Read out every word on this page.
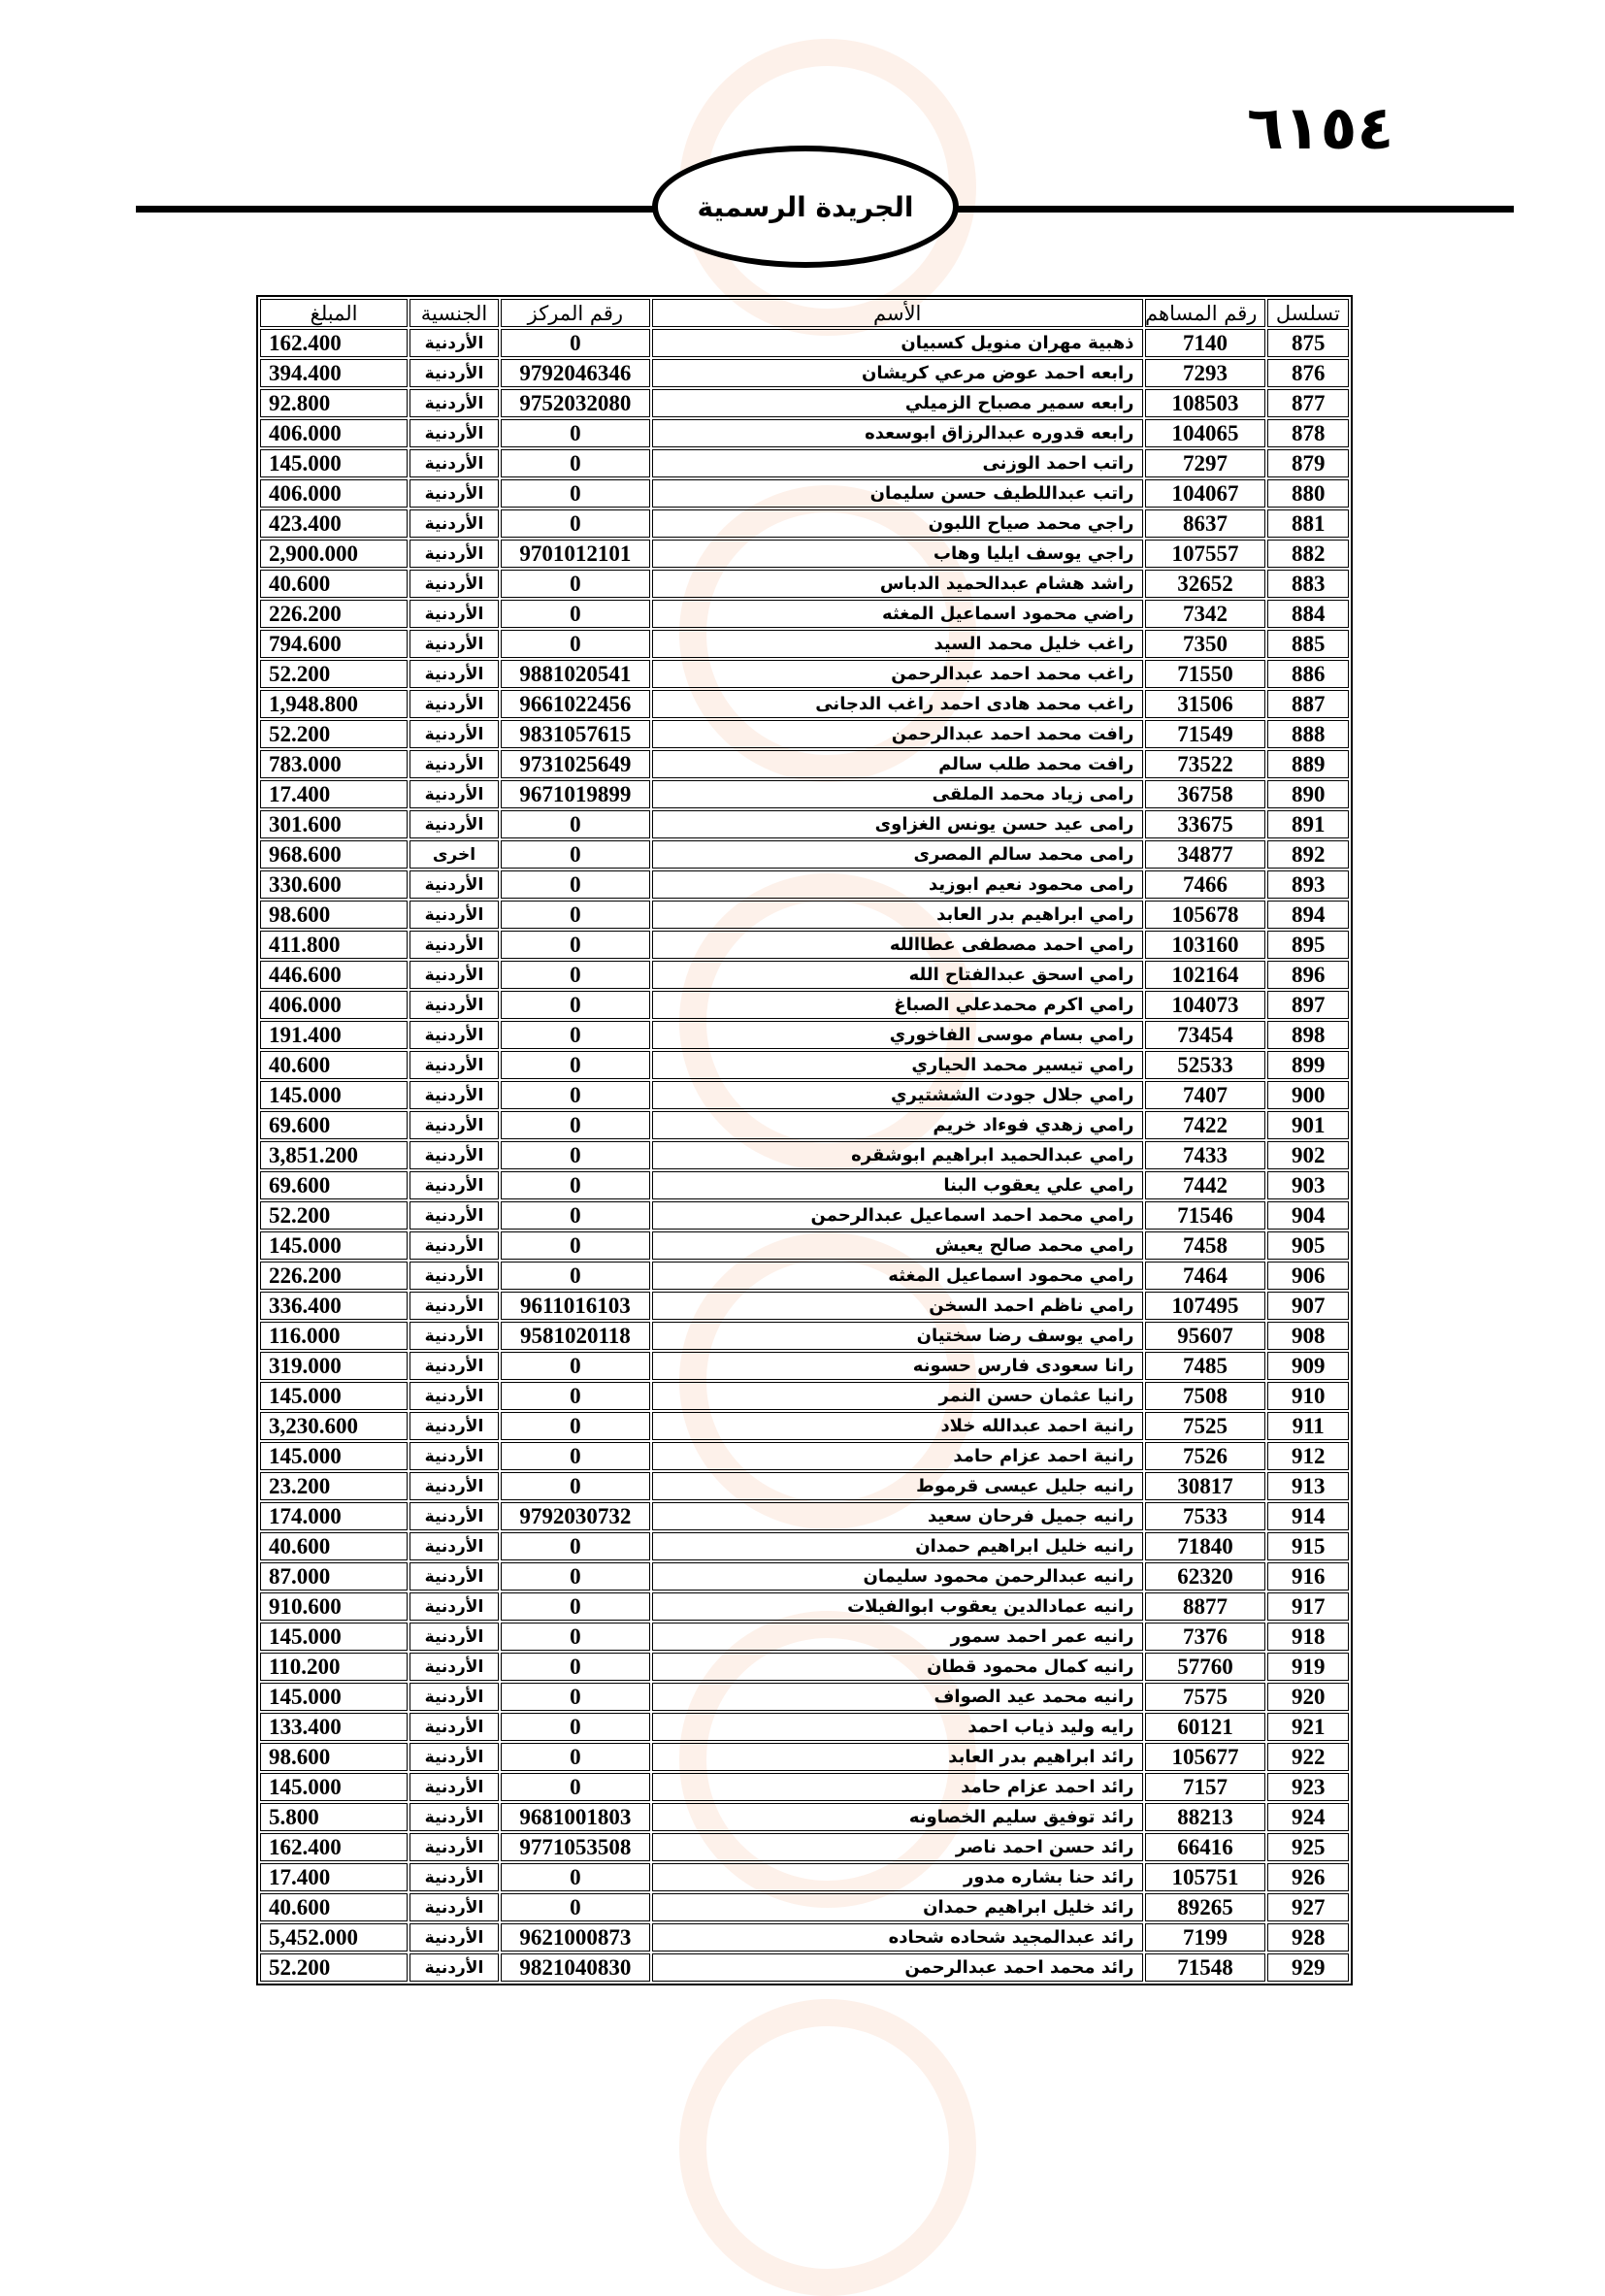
٦١٥٤
الجريدة الرسمية
تسلسل	رقم المساهم	الأسم	رقم المركز	الجنسية	المبلغ
875	7140	ذهبية مهران منويل كسبيان	0	الأردنية	162.400
876	7293	رابعه احمد عوض مرعي كريشان	9792046346	الأردنية	394.400
877	108503	رابعه سمير مصباح الزميلي	9752032080	الأردنية	92.800
878	104065	رابعه قدوره عبدالرزاق ابوسعده	0	الأردنية	406.000
879	7297	راتب احمد الوزنى	0	الأردنية	145.000
880	104067	راتب عبداللطيف حسن سليمان	0	الأردنية	406.000
881	8637	راجي محمد صياح اللبون	0	الأردنية	423.400
882	107557	راجي يوسف ايليا وهاب	9701012101	الأردنية	2,900.000
883	32652	راشد هشام عبدالحميد الدباس	0	الأردنية	40.600
884	7342	راضي محمود اسماعيل المغثه	0	الأردنية	226.200
885	7350	راغب خليل محمد السيد	0	الأردنية	794.600
886	71550	راغب محمد احمد عبدالرحمن	9881020541	الأردنية	52.200
887	31506	راغب محمد هادى احمد راغب الدجانى	9661022456	الأردنية	1,948.800
888	71549	رافت محمد احمد عبدالرحمن	9831057615	الأردنية	52.200
889	73522	رافت محمد طلب سالم	9731025649	الأردنية	783.000
890	36758	رامى زياد محمد الملقى	9671019899	الأردنية	17.400
891	33675	رامى عيد حسن يونس الغزاوى	0	الأردنية	301.600
892	34877	رامى محمد سالم المصرى	0	اخرى	968.600
893	7466	رامى محمود نعيم ابوزيد	0	الأردنية	330.600
894	105678	رامي ابراهيم بدر العابد	0	الأردنية	98.600
895	103160	رامي احمد مصطفى عطاالله	0	الأردنية	411.800
896	102164	رامي اسحق عبدالفتاح الله	0	الأردنية	446.600
897	104073	رامي اكرم محمدعلي الصباغ	0	الأردنية	406.000
898	73454	رامي بسام موسى الفاخوري	0	الأردنية	191.400
899	52533	رامي تيسير محمد الحياري	0	الأردنية	40.600
900	7407	رامي جلال جودت الششتيري	0	الأردنية	145.000
901	7422	رامي زهدي فوءاد خريم	0	الأردنية	69.600
902	7433	رامي عبدالحميد ابراهيم ابوشقره	0	الأردنية	3,851.200
903	7442	رامي علي يعقوب البنا	0	الأردنية	69.600
904	71546	رامي محمد احمد اسماعيل عبدالرحمن	0	الأردنية	52.200
905	7458	رامي محمد صالح يعيش	0	الأردنية	145.000
906	7464	رامي محمود اسماعيل المغثه	0	الأردنية	226.200
907	107495	رامي ناظم احمد السخن	9611016103	الأردنية	336.400
908	95607	رامي يوسف رضا سختيان	9581020118	الأردنية	116.000
909	7485	رانا سعودى فارس حسونه	0	الأردنية	319.000
910	7508	رانيا عثمان حسن النمر	0	الأردنية	145.000
911	7525	رانية احمد عبدالله خلاد	0	الأردنية	3,230.600
912	7526	رانية احمد عزام حامد	0	الأردنية	145.000
913	30817	رانيه جليل عيسى قرموط	0	الأردنية	23.200
914	7533	رانيه جميل فرحان سعيد	9792030732	الأردنية	174.000
915	71840	رانيه خليل ابراهيم حمدان	0	الأردنية	40.600
916	62320	رانيه عبدالرحمن محمود سليمان	0	الأردنية	87.000
917	8877	رانيه عمادالدين يعقوب ابوالفيلات	0	الأردنية	910.600
918	7376	رانيه عمر احمد سمور	0	الأردنية	145.000
919	57760	رانيه كمال محمود قطان	0	الأردنية	110.200
920	7575	رانيه محمد عيد الصواف	0	الأردنية	145.000
921	60121	رايه وليد ذياب احمد	0	الأردنية	133.400
922	105677	رائد ابراهيم بدر العابد	0	الأردنية	98.600
923	7157	رائد احمد عزام حامد	0	الأردنية	145.000
924	88213	رائد توفيق سليم الخصاونه	9681001803	الأردنية	5.800
925	66416	رائد حسن احمد ناصر	9771053508	الأردنية	162.400
926	105751	رائد حنا بشاره مدور	0	الأردنية	17.400
927	89265	رائد خليل ابراهيم حمدان	0	الأردنية	40.600
928	7199	رائد عبدالمجيد شحاده شحاده	9621000873	الأردنية	5,452.000
929	71548	رائد محمد احمد عبدالرحمن	9821040830	الأردنية	52.200
